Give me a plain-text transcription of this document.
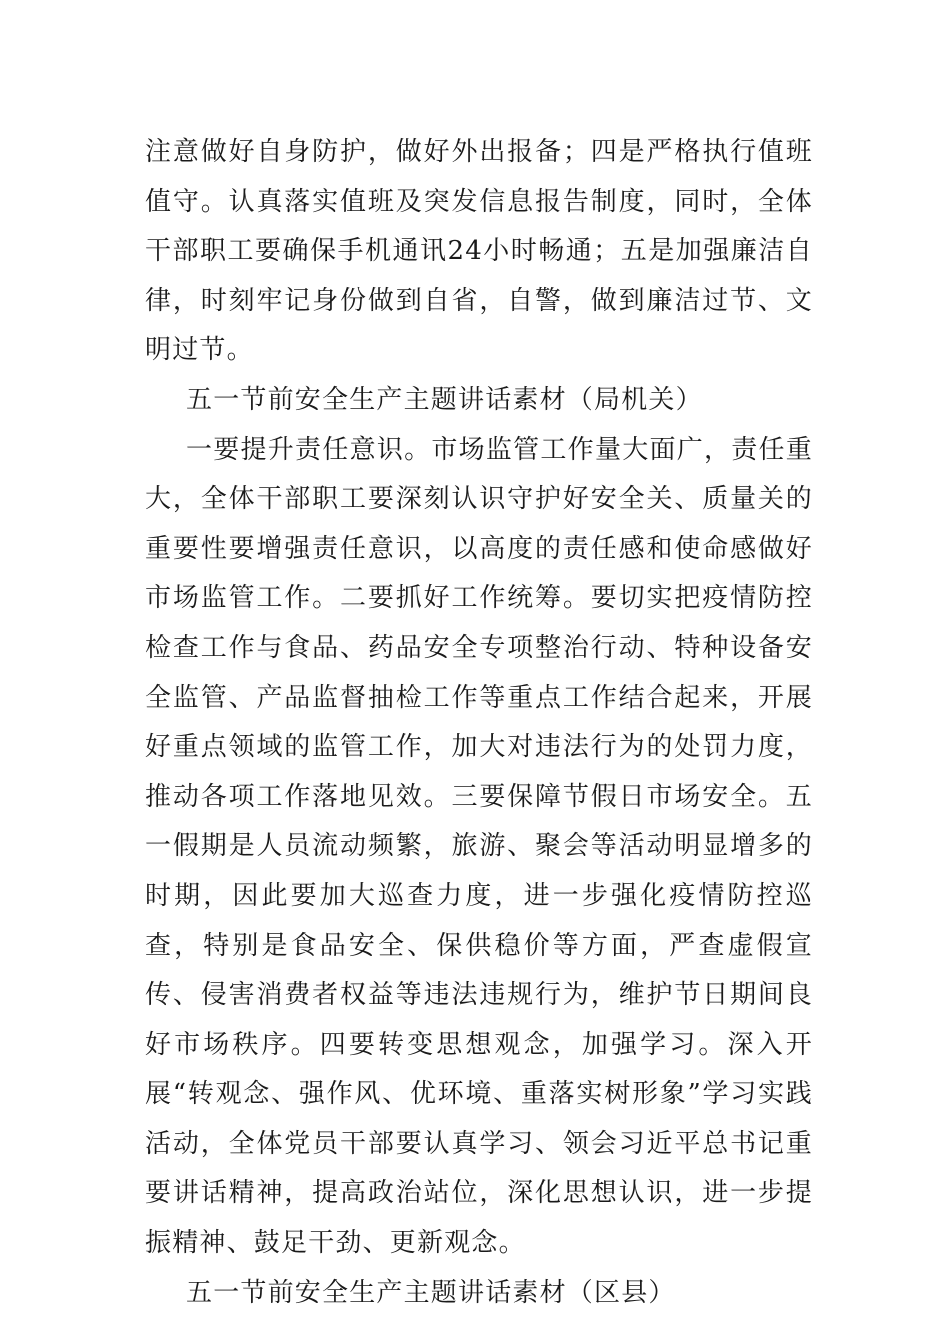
注意做好自身防护，做好外出报备；四是严格执行值班值守。认真落实值班及突发信息报告制度，同时，全体干部职工要确保手机通讯24小时畅通；五是加强廉洁自律，时刻牢记身份做到自省，自警，做到廉洁过节、文明过节。

五一节前安全生产主题讲话素材（局机关）

一要提升责任意识。市场监管工作量大面广，责任重大，全体干部职工要深刻认识守护好安全关、质量关的重要性要增强责任意识，以高度的责任感和使命感做好市场监管工作。二要抓好工作统筹。要切实把疫情防控检查工作与食品、药品安全专项整治行动、特种设备安全监管、产品监督抽检工作等重点工作结合起来，开展好重点领域的监管工作，加大对违法行为的处罚力度，推动各项工作落地见效。三要保障节假日市场安全。五一假期是人员流动频繁，旅游、聚会等活动明显增多的时期，因此要加大巡查力度，进一步强化疫情防控巡查，特别是食品安全、保供稳价等方面，严查虚假宣传、侵害消费者权益等违法违规行为，维护节日期间良好市场秩序。四要转变思想观念，加强学习。深入开展“转观念、强作风、优环境、重落实树形象”学习实践活动，全体党员干部要认真学习、领会习近平总书记重要讲话精神，提高政治站位，深化思想认识，进一步提振精神、鼓足干劲、更新观念。

五一节前安全生产主题讲话素材（区县）
